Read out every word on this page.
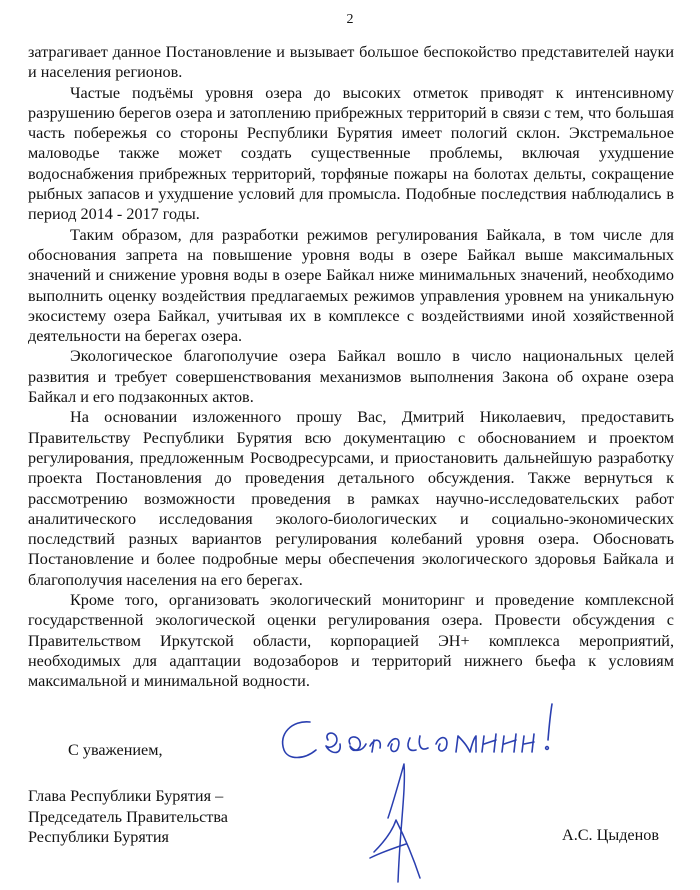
2

затрагивает данное Постановление и вызывает большое беспокойство представителей науки и населения регионов.

Частые подъёмы уровня озера до высоких отметок приводят к интенсивному разрушению берегов озера и затоплению прибрежных территорий в связи с тем, что большая часть побережья со стороны Республики Бурятия имеет пологий склон. Экстремальное маловодье также может создать существенные проблемы, включая ухудшение водоснабжения прибрежных территорий, торфяные пожары на болотах дельты, сокращение рыбных запасов и ухудшение условий для промысла. Подобные последствия наблюдались в период 2014 - 2017 годы.

Таким образом, для разработки режимов регулирования Байкала, в том числе для обоснования запрета на повышение уровня воды в озере Байкал выше максимальных значений и снижение уровня воды в озере Байкал ниже минимальных значений, необходимо выполнить оценку воздействия предлагаемых режимов управления уровнем на уникальную экосистему озера Байкал, учитывая их в комплексе с воздействиями иной хозяйственной деятельности на берегах озера.

Экологическое благополучие озера Байкал вошло в число национальных целей развития и требует совершенствования механизмов выполнения Закона об охране озера Байкал и его подзаконных актов.

На основании изложенного прошу Вас, Дмитрий Николаевич, предоставить Правительству Республики Бурятия всю документацию с обоснованием и проектом регулирования, предложенным Росводресурсами, и приостановить дальнейшую разработку проекта Постановления до проведения детального обсуждения. Также вернуться к рассмотрению возможности проведения в рамках научно-исследовательских работ аналитического исследования эколого-биологических и социально-экономических последствий разных вариантов регулирования колебаний уровня озера. Обосновать Постановление и более подробные меры обеспечения экологического здоровья Байкала и благополучия населения на его берегах.

Кроме того, организовать экологический мониторинг и проведение комплексной государственной экологической оценки регулирования озера. Провести обсуждения с Правительством Иркутской области, корпорацией ЭН+ комплекса мероприятий, необходимых для адаптации водозаборов и территорий нижнего бьефа к условиям максимальной и минимальной водности.

С уважением,
Глава Республики Бурятия –
Председатель Правительства
Республики Бурятия	А.С. Цыденов
